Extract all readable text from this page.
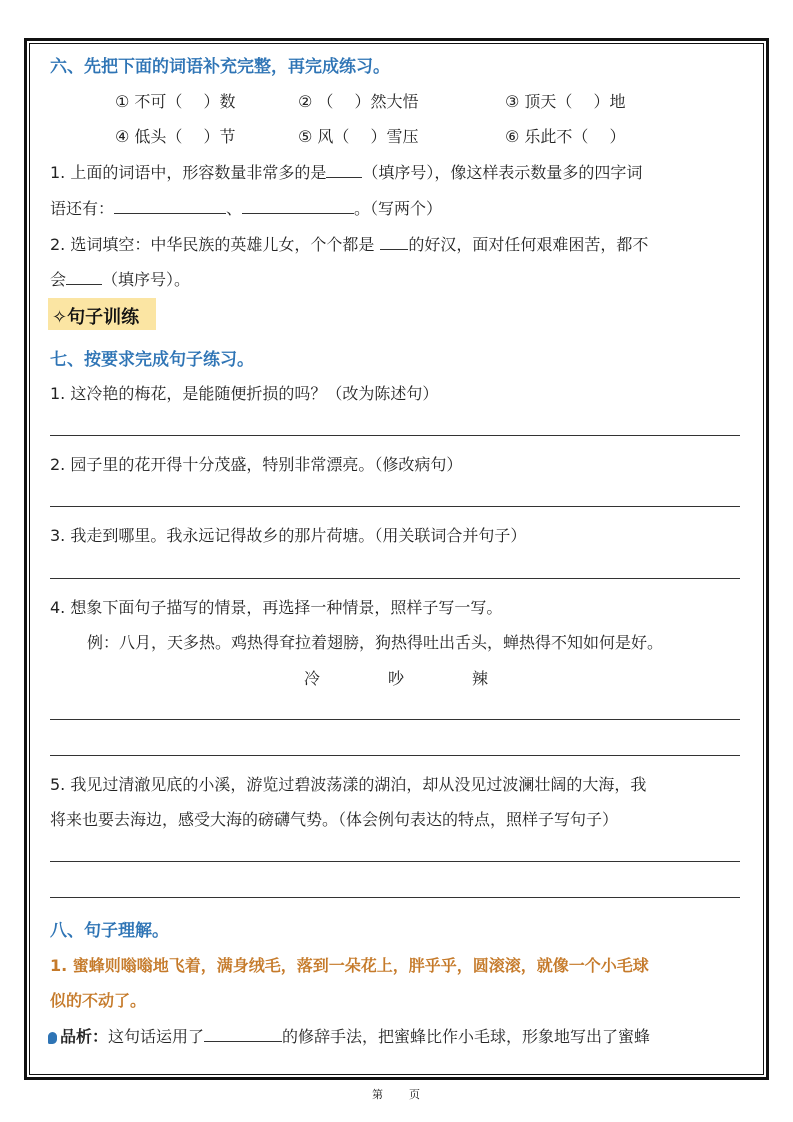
六、先把下面的词语补充完整，再完成练习。
① 不可（　 ）数	② （　 ）然大悟	③ 顶天（　 ）地
④ 低头（　 ）节	⑤ 风（　 ）雪压	⑥ 乐此不（　 ）
1. 上面的词语中，形容数量非常多的是 （填序号），像这样表示数量多的四字词
语还有：	、	。（写两个）
2. 选词填空：中华民族的英雄儿女，个个都是 的好汉，面对任何艰难困苦，都不
会 （填序号）。
✧句子训练
七、按要求完成句子练习。
1. 这冷艳的梅花，是能随便折损的吗？（改为陈述句）
2. 园子里的花开得十分茂盛，特别非常漂亮。（修改病句）
3. 我走到哪里。我永远记得故乡的那片荷塘。（用关联词合并句子）
4. 想象下面句子描写的情景，再选择一种情景，照样子写一写。
例：八月，天多热。鸡热得耷拉着翅膀，狗热得吐出舌头，蝉热得不知如何是好。
冷	吵	辣
5. 我见过清澈见底的小溪，游览过碧波荡漾的湖泊，却从没见过波澜壮阔的大海，我
将来也要去海边，感受大海的磅礴气势。（体会例句表达的特点，照样子写句子）
八、句子理解。
1. 蜜蜂则嗡嗡地飞着，满身绒毛，落到一朵花上，胖乎乎，圆滚滚，就像一个小毛球
似的不动了。
品析：这句话运用了	的修辞手法，把蜜蜂比作小毛球，形象地写出了蜜蜂
第 页
